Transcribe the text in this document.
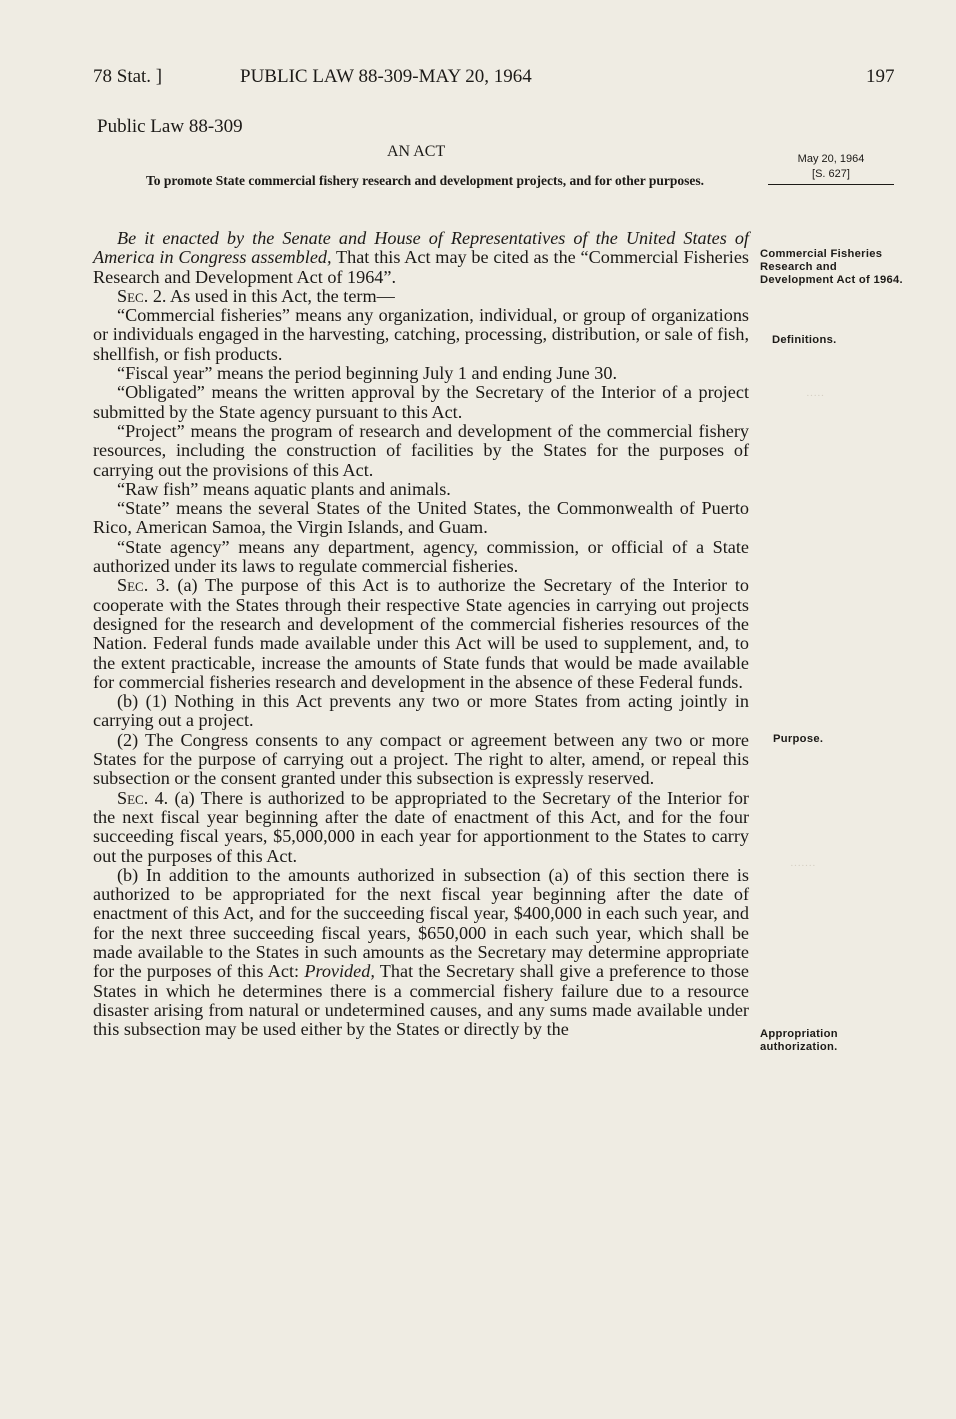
·····
·······
78 Stat. ]	PUBLIC LAW 88-309-MAY 20, 1964	197
Public Law 88-309
AN ACT
To promote State commercial fishery research and development projects, and for other purposes.
May 20, 1964
[S. 627]

Be it enacted by the Senate and House of Representatives of the United States of America in Congress assembled, That this Act may be cited as the “Commercial Fisheries Research and Development Act of 1964”.

Sec. 2. As used in this Act, the term—

“Commercial fisheries” means any organization, individual, or group of organizations or individuals engaged in the harvesting, catching, processing, distribution, or sale of fish, shellfish, or fish products.

“Fiscal year” means the period beginning July 1 and ending June 30.

“Obligated” means the written approval by the Secretary of the Interior of a project submitted by the State agency pursuant to this Act.

“Project” means the program of research and development of the commercial fishery resources, including the construction of facilities by the States for the purposes of carrying out the provisions of this Act.

“Raw fish” means aquatic plants and animals.

“State” means the several States of the United States, the Commonwealth of Puerto Rico, American Samoa, the Virgin Islands, and Guam.

“State agency” means any department, agency, commission, or official of a State authorized under its laws to regulate commercial fisheries.

Sec. 3. (a) The purpose of this Act is to authorize the Secretary of the Interior to cooperate with the States through their respective State agencies in carrying out projects designed for the research and development of the commercial fisheries resources of the Nation. Federal funds made available under this Act will be used to supplement, and, to the extent practicable, increase the amounts of State funds that would be made available for commercial fisheries research and development in the absence of these Federal funds.

(b) (1) Nothing in this Act prevents any two or more States from acting jointly in carrying out a project.

(2) The Congress consents to any compact or agreement between any two or more States for the purpose of carrying out a project. The right to alter, amend, or repeal this subsection or the consent granted under this subsection is expressly reserved.

Sec. 4. (a) There is authorized to be appropriated to the Secretary of the Interior for the next fiscal year beginning after the date of enactment of this Act, and for the four succeeding fiscal years, $5,000,000 in each year for apportionment to the States to carry out the purposes of this Act.

(b) In addition to the amounts authorized in subsection (a) of this section there is authorized to be appropriated for the next fiscal year beginning after the date of enactment of this Act, and for the succeeding fiscal year, $400,000 in each such year, and for the next three succeeding fiscal years, $650,000 in each such year, which shall be made available to the States in such amounts as the Secretary may determine appropriate for the purposes of this Act: Provided, That the Secretary shall give a preference to those States in which he determines there is a commercial fishery failure due to a resource disaster arising from natural or undetermined causes, and any sums made available under this subsection may be used either by the States or directly by the

Commercial Fisheries Research and Development Act of 1964.
Definitions.
Purpose.
Appropriation authorization.
